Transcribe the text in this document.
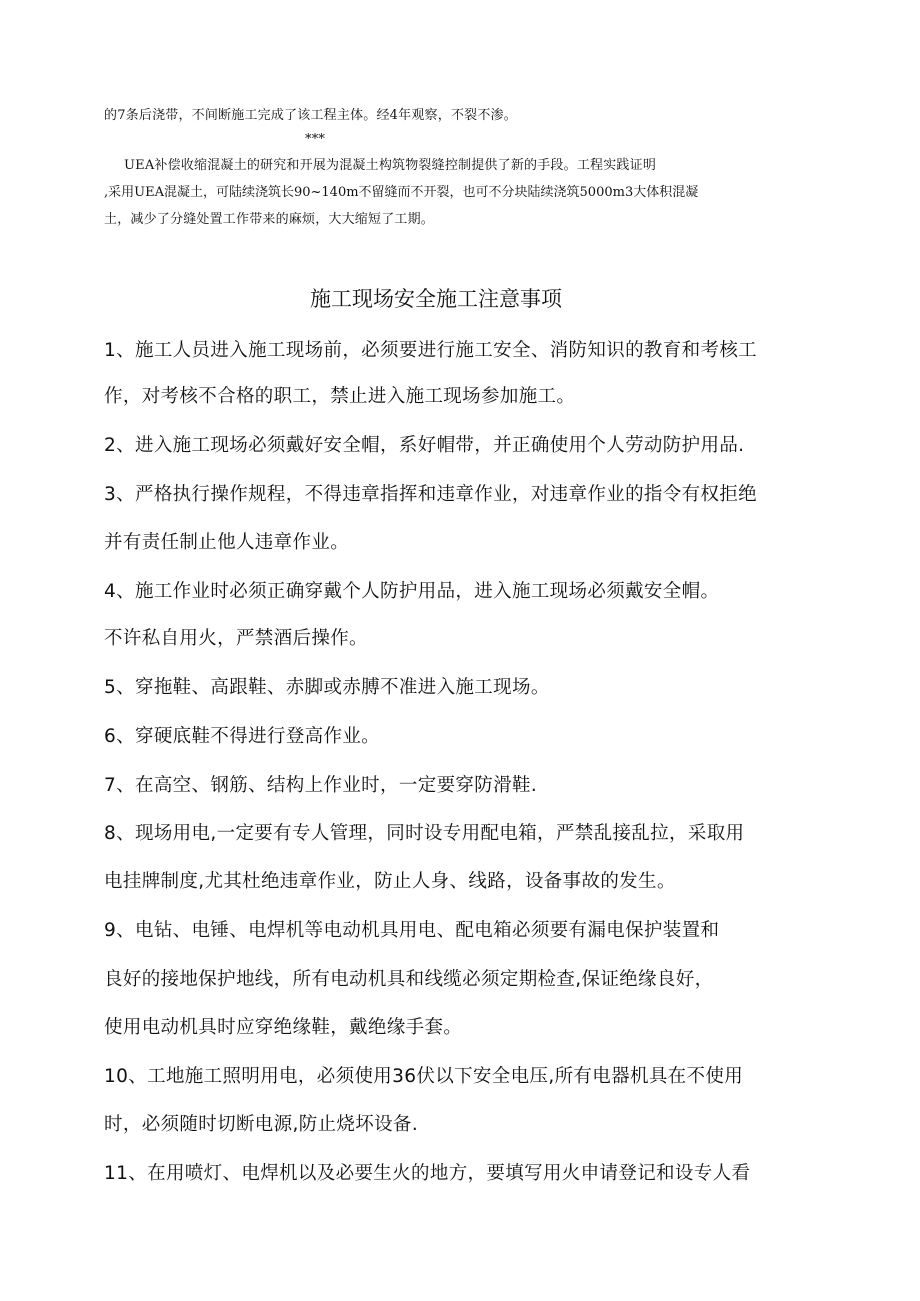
的7条后浇带，不间断施工完成了该工程主体。经4年观察，不裂不渗。

***

UEA补偿收缩混凝土的研究和开展为混凝土构筑物裂缝控制提供了新的手段。工程实践证明

,采用UEA混凝土，可陆续浇筑长90~140m不留缝而不开裂，也可不分块陆续浇筑5000m3大体积混凝

土，减少了分缝处置工作带来的麻烦，大大缩短了工期。

施工现场安全施工注意事项

1、施工人员进入施工现场前，必须要进行施工安全、消防知识的教育和考核工

作，对考核不合格的职工，禁止进入施工现场参加施工。

2、进入施工现场必须戴好安全帽，系好帽带，并正确使用个人劳动防护用品.

3、严格执行操作规程，不得违章指挥和违章作业，对违章作业的指令有权拒绝

并有责任制止他人违章作业。

4、施工作业时必须正确穿戴个人防护用品，进入施工现场必须戴安全帽。

不许私自用火，严禁酒后操作。

5、穿拖鞋、高跟鞋、赤脚或赤膊不准进入施工现场。

6、穿硬底鞋不得进行登高作业。

7、在高空、钢筋、结构上作业时，一定要穿防滑鞋.

8、现场用电,一定要有专人管理，同时设专用配电箱，严禁乱接乱拉，采取用

电挂牌制度,尤其杜绝违章作业，防止人身、线路，设备事故的发生。

9、电钻、电锤、电焊机等电动机具用电、配电箱必须要有漏电保护装置和

良好的接地保护地线，所有电动机具和线缆必须定期检查,保证绝缘良好，

使用电动机具时应穿绝缘鞋，戴绝缘手套。

10、工地施工照明用电，必须使用36伏以下安全电压,所有电器机具在不使用

时，必须随时切断电源,防止烧坏设备.

11、在用喷灯、电焊机以及必要生火的地方，要填写用火申请登记和设专人看
